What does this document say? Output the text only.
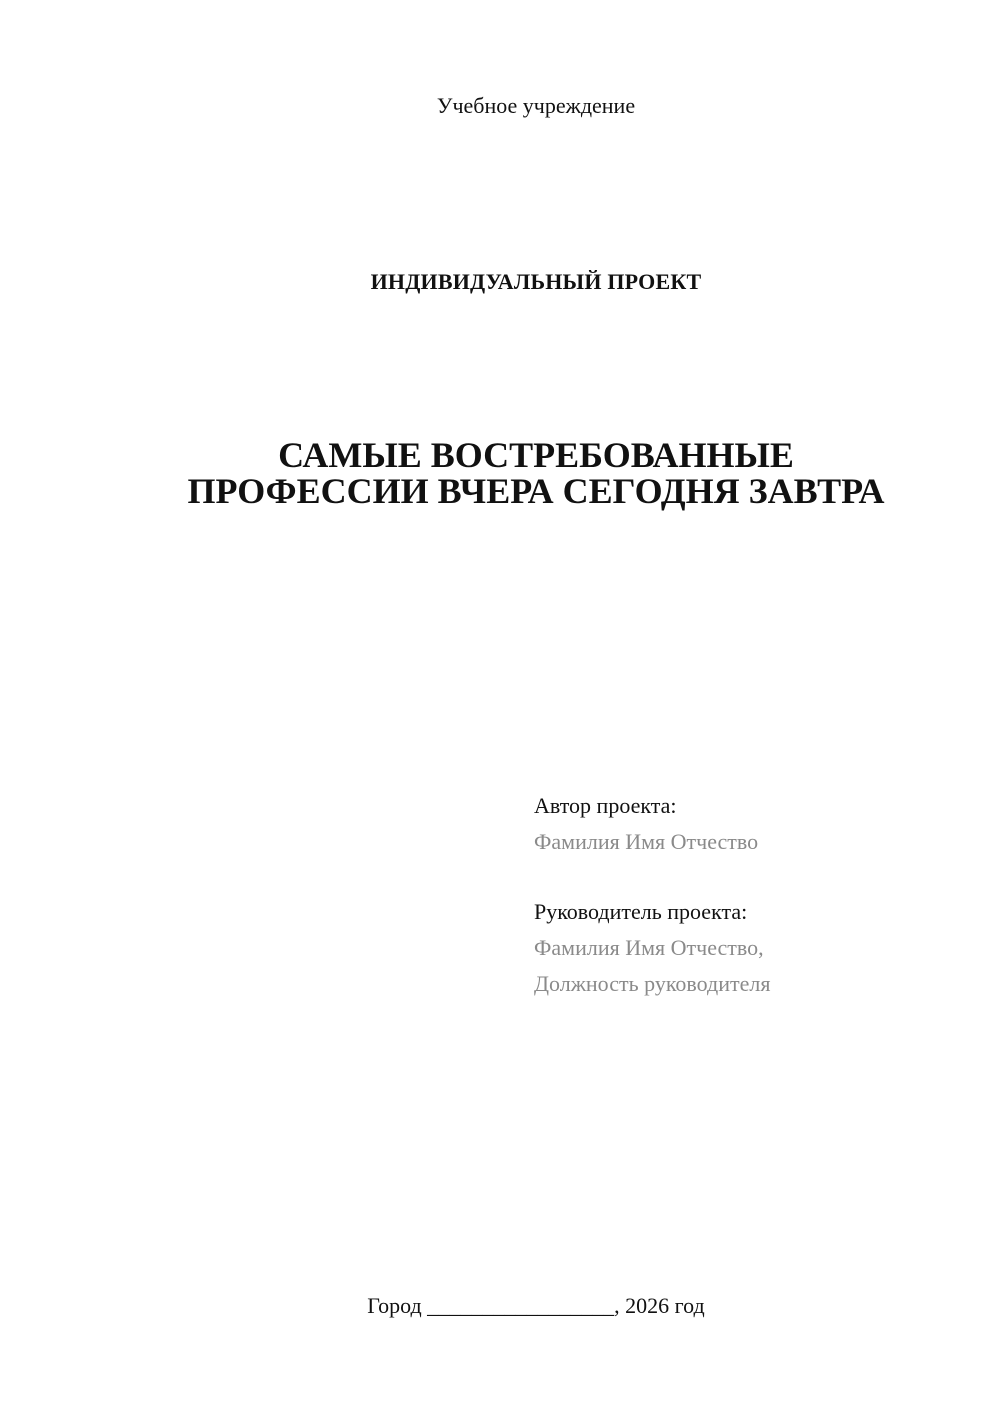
Учебное учреждение
ИНДИВИДУАЛЬНЫЙ ПРОЕКТ
САМЫЕ ВОСТРЕБОВАННЫЕ
ПРОФЕССИИ ВЧЕРА СЕГОДНЯ ЗАВТРА
Автор проекта:
Фамилия Имя Отчество
Руководитель проекта:
Фамилия Имя Отчество,
Должность руководителя
Город _________________, 2026 год
